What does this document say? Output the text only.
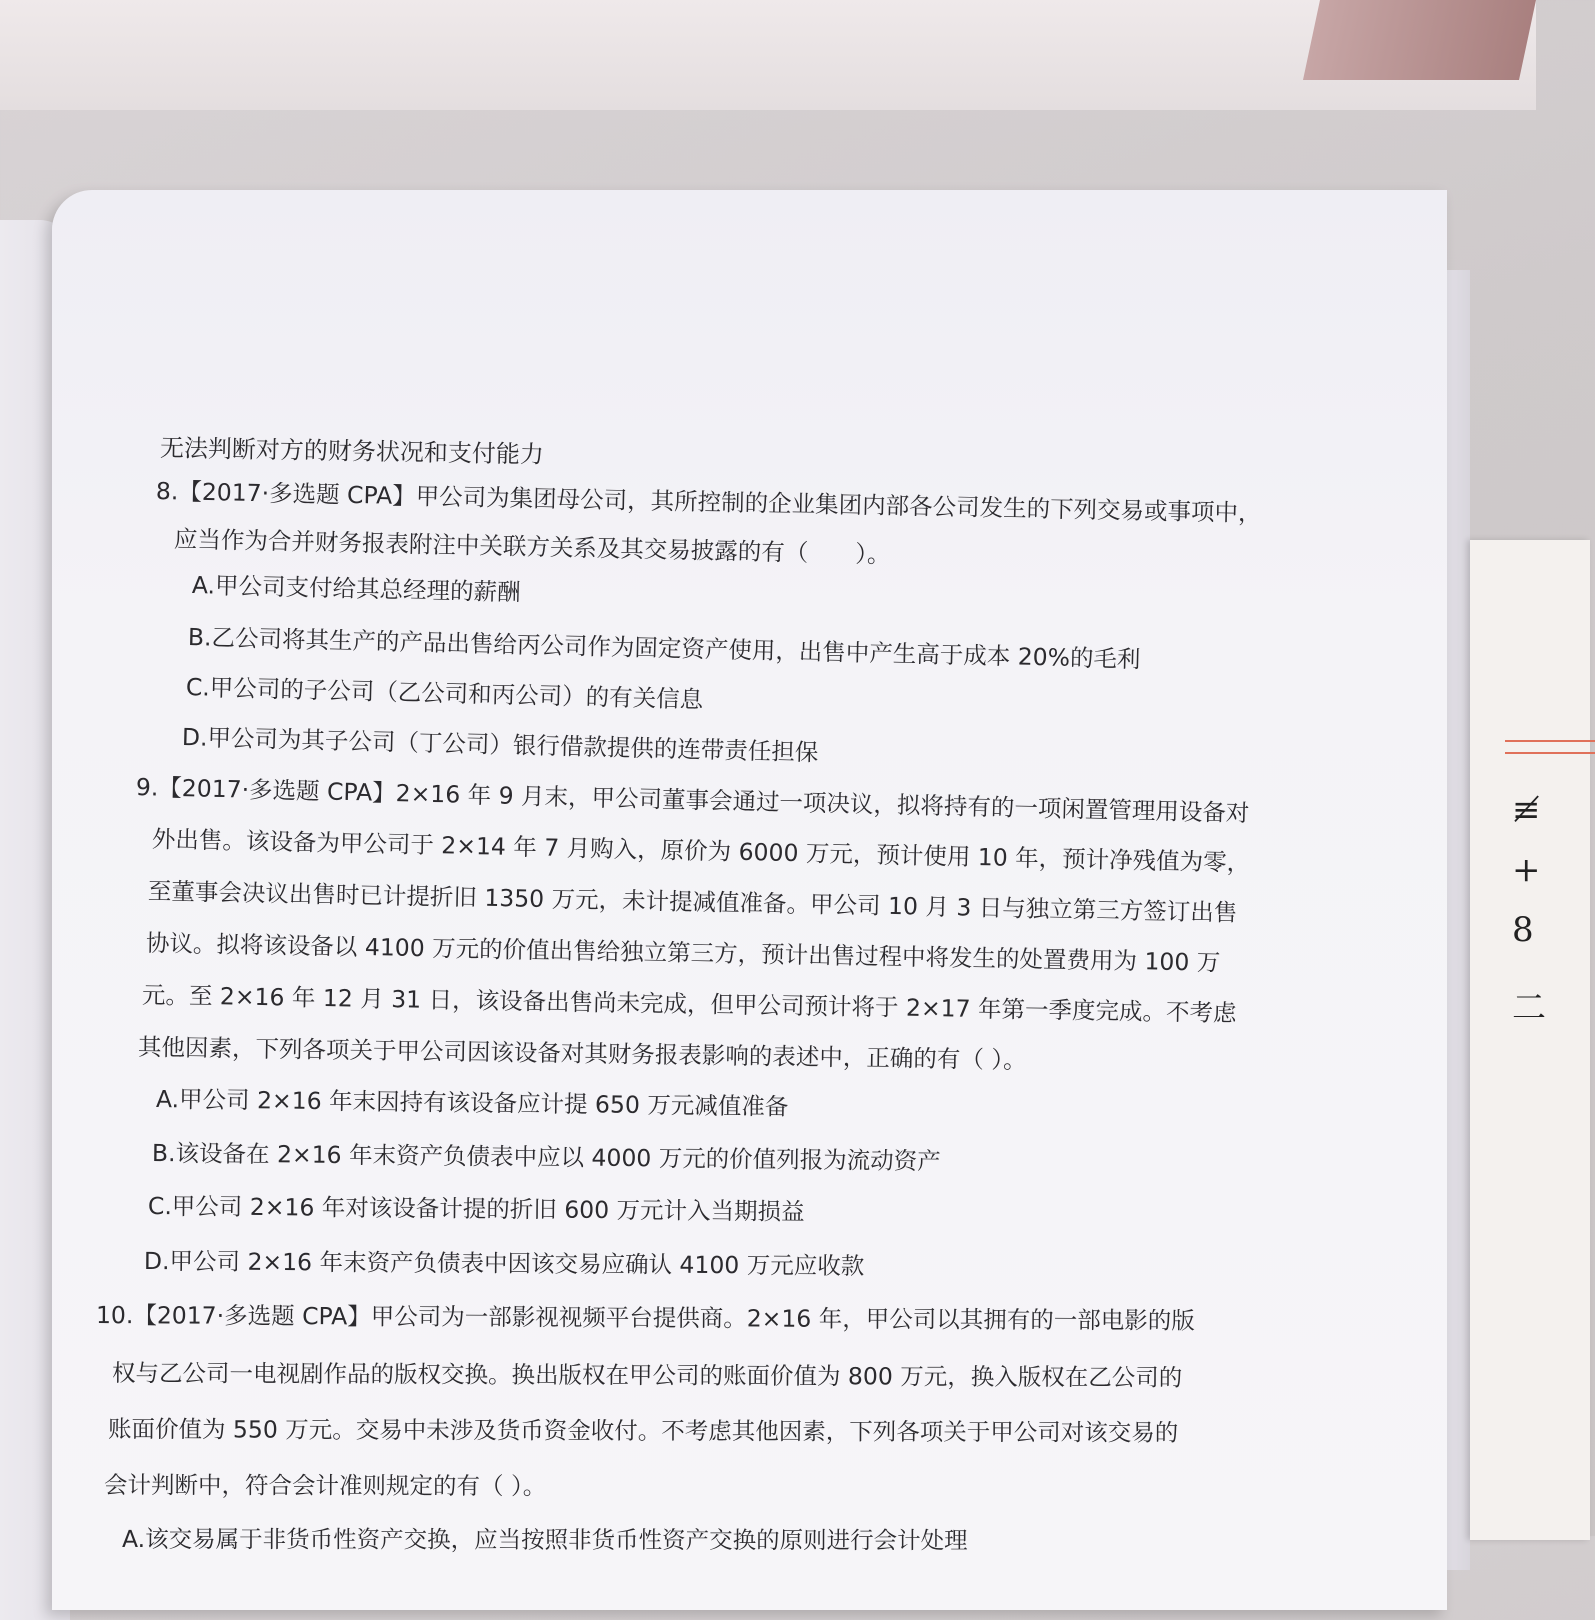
≢
+
8
二
无法判断对方的财务状况和支付能力
8.【2017·多选题 CPA】甲公司为集团母公司，其所控制的企业集团内部各公司发生的下列交易或事项中，
应当作为合并财务报表附注中关联方关系及其交易披露的有（　　）。
A.甲公司支付给其总经理的薪酬
B.乙公司将其生产的产品出售给丙公司作为固定资产使用，出售中产生高于成本 20%的毛利
C.甲公司的子公司（乙公司和丙公司）的有关信息
D.甲公司为其子公司（丁公司）银行借款提供的连带责任担保
9.【2017·多选题 CPA】2×16 年 9 月末，甲公司董事会通过一项决议，拟将持有的一项闲置管理用设备对
外出售。该设备为甲公司于 2×14 年 7 月购入，原价为 6000 万元，预计使用 10 年，预计净残值为零，
至董事会决议出售时已计提折旧 1350 万元，未计提减值准备。甲公司 10 月 3 日与独立第三方签订出售
协议。拟将该设备以 4100 万元的价值出售给独立第三方，预计出售过程中将发生的处置费用为 100 万
元。至 2×16 年 12 月 31 日，该设备出售尚未完成，但甲公司预计将于 2×17 年第一季度完成。不考虑
其他因素，下列各项关于甲公司因该设备对其财务报表影响的表述中，正确的有（ ）。
A.甲公司 2×16 年末因持有该设备应计提 650 万元减值准备
B.该设备在 2×16 年末资产负债表中应以 4000 万元的价值列报为流动资产
C.甲公司 2×16 年对该设备计提的折旧 600 万元计入当期损益
D.甲公司 2×16 年末资产负债表中因该交易应确认 4100 万元应收款
10.【2017·多选题 CPA】甲公司为一部影视视频平台提供商。2×16 年，甲公司以其拥有的一部电影的版
权与乙公司一电视剧作品的版权交换。换出版权在甲公司的账面价值为 800 万元，换入版权在乙公司的
账面价值为 550 万元。交易中未涉及货币资金收付。不考虑其他因素，下列各项关于甲公司对该交易的
会计判断中，符合会计准则规定的有（ ）。
A.该交易属于非货币性资产交换，应当按照非货币性资产交换的原则进行会计处理
